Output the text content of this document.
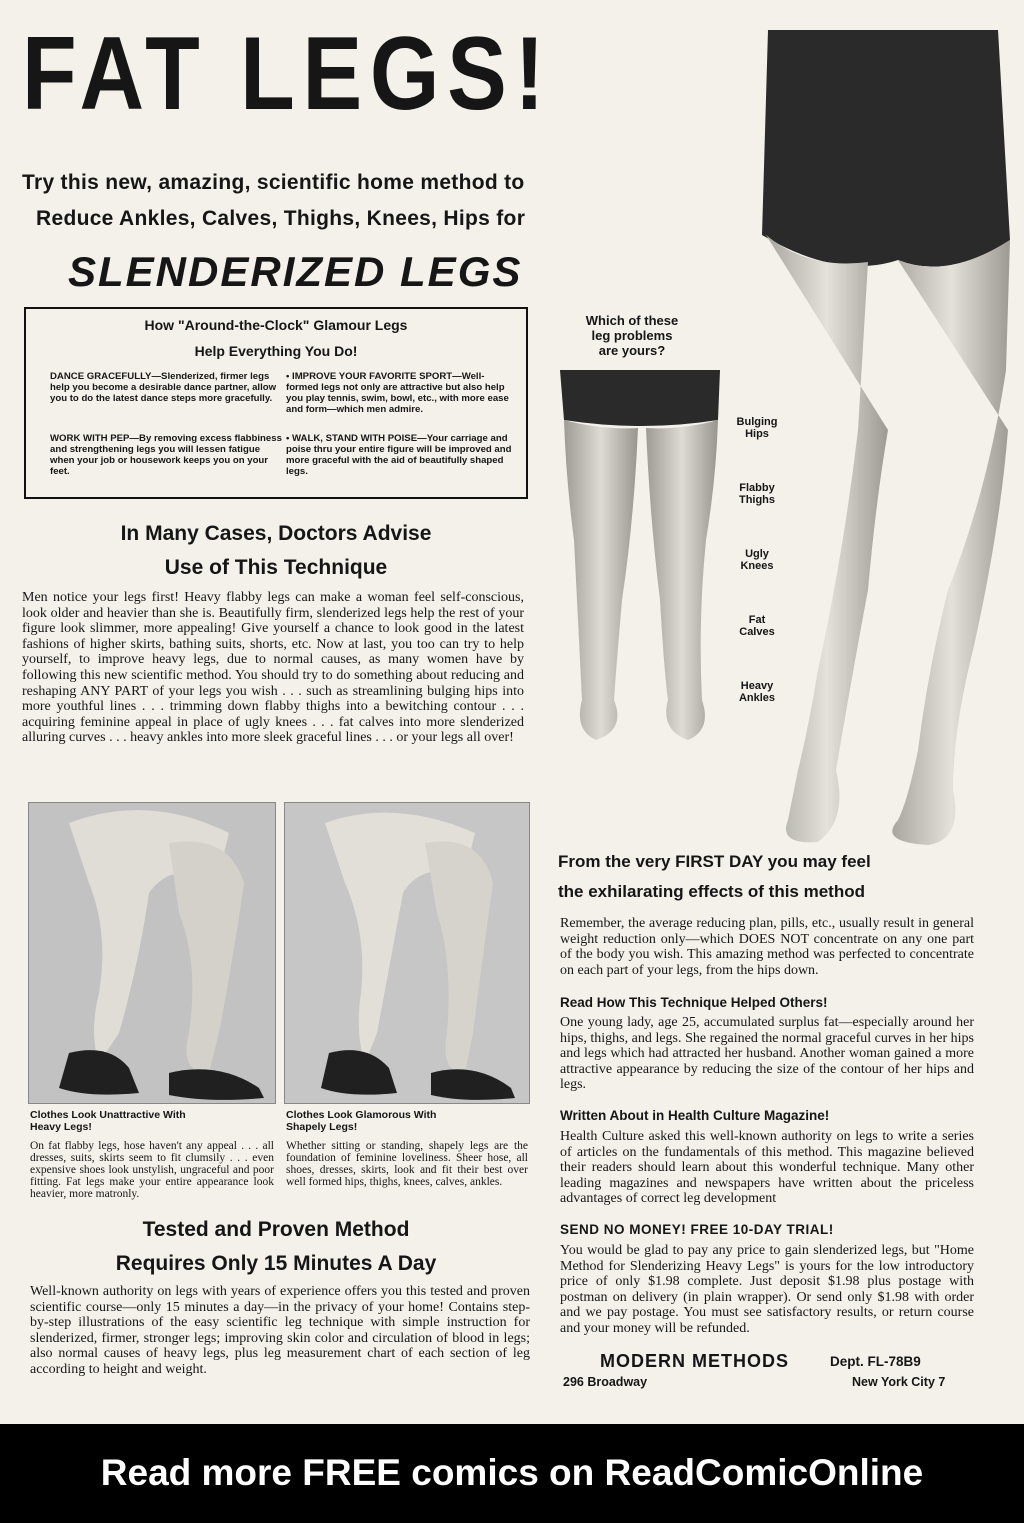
FAT LEGS!
Try this new, amazing, scientific home method to
Reduce Ankles, Calves, Thighs, Knees, Hips for
SLENDERIZED LEGS
How "Around-the-Clock" Glamour Legs
Help Everything You Do!
DANCE GRACEFULLY—Slenderized, firmer legs help you become a desirable dance partner, allow you to do the latest dance steps more gracefully.
• IMPROVE YOUR FAVORITE SPORT—Well-formed legs not only are attractive but also help you play tennis, swim, bowl, etc., with more ease and form—which men admire.
WORK WITH PEP—By removing excess flabbiness and strengthening legs you will lessen fatigue when your job or housework keeps you on your feet.
• WALK, STAND WITH POISE—Your carriage and poise thru your entire figure will be improved and more graceful with the aid of beautifully shaped legs.
In Many Cases, Doctors Advise
Use of This Technique
Men notice your legs first! Heavy flabby legs can make a woman feel self-conscious, look older and heavier than she is. Beautifully firm, slenderized legs help the rest of your figure look slimmer, more appealing! Give yourself a chance to look good in the latest fashions of higher skirts, bathing suits, shorts, etc. Now at last, you too can try to help yourself, to improve heavy legs, due to normal causes, as many women have by following this new scientific method. You should try to do something about reducing and reshaping ANY PART of your legs you wish . . . such as streamlining bulging hips into more youthful lines . . . trimming down flabby thighs into a bewitching contour . . . acquiring feminine appeal in place of ugly knees . . . fat calves into more slenderized alluring curves . . . heavy ankles into more sleek graceful lines . . . or your legs all over!
Which of these leg problems are yours?
Bulging Hips
Flabby Thighs
Ugly Knees
Fat Calves
Heavy Ankles
Clothes Look Unattractive With Heavy Legs!
On fat flabby legs, hose haven't any appeal . . . all dresses, suits, skirts seem to fit clumsily . . . even expensive shoes look unstylish, ungraceful and poor fitting. Fat legs make your entire appearance look heavier, more matronly.
Clothes Look Glamorous With Shapely Legs!
Whether sitting or standing, shapely legs are the foundation of feminine loveliness. Sheer hose, all shoes, dresses, skirts, look and fit their best over well formed hips, thighs, knees, calves, ankles.
Tested and Proven Method
Requires Only 15 Minutes A Day
Well-known authority on legs with years of experience offers you this tested and proven scientific course—only 15 minutes a day—in the privacy of your home! Contains step-by-step illustrations of the easy scientific leg technique with simple instruction for slenderized, firmer, stronger legs; improving skin color and circulation of blood in legs; also normal causes of heavy legs, plus leg measurement chart of each section of leg according to height and weight.
From the very FIRST DAY you may feel
the exhilarating effects of this method
Remember, the average reducing plan, pills, etc., usually result in general weight reduction only—which DOES NOT concentrate on any one part of the body you wish. This amazing method was perfected to concentrate on each part of your legs, from the hips down.
Read How This Technique Helped Others!
One young lady, age 25, accumulated surplus fat—especially around her hips, thighs, and legs. She regained the normal graceful curves in her hips and legs which had attracted her husband. Another woman gained a more attractive appearance by reducing the size of the contour of her hips and legs.
Written About in Health Culture Magazine!
Health Culture asked this well-known authority on legs to write a series of articles on the fundamentals of this method. This magazine believed their readers should learn about this wonderful technique. Many other leading magazines and newspapers have written about the priceless advantages of correct leg development
SEND NO MONEY! FREE 10-DAY TRIAL!
You would be glad to pay any price to gain slenderized legs, but "Home Method for Slenderizing Heavy Legs" is yours for the low introductory price of only $1.98 complete. Just deposit $1.98 plus postage with postman on delivery (in plain wrapper). Or send only $1.98 with order and we pay postage. You must see satisfactory results, or return course and your money will be refunded.
MODERN METHODS	Dept. FL-78B9
296 Broadway	New York City 7
Read more FREE comics on ReadComicOnline
